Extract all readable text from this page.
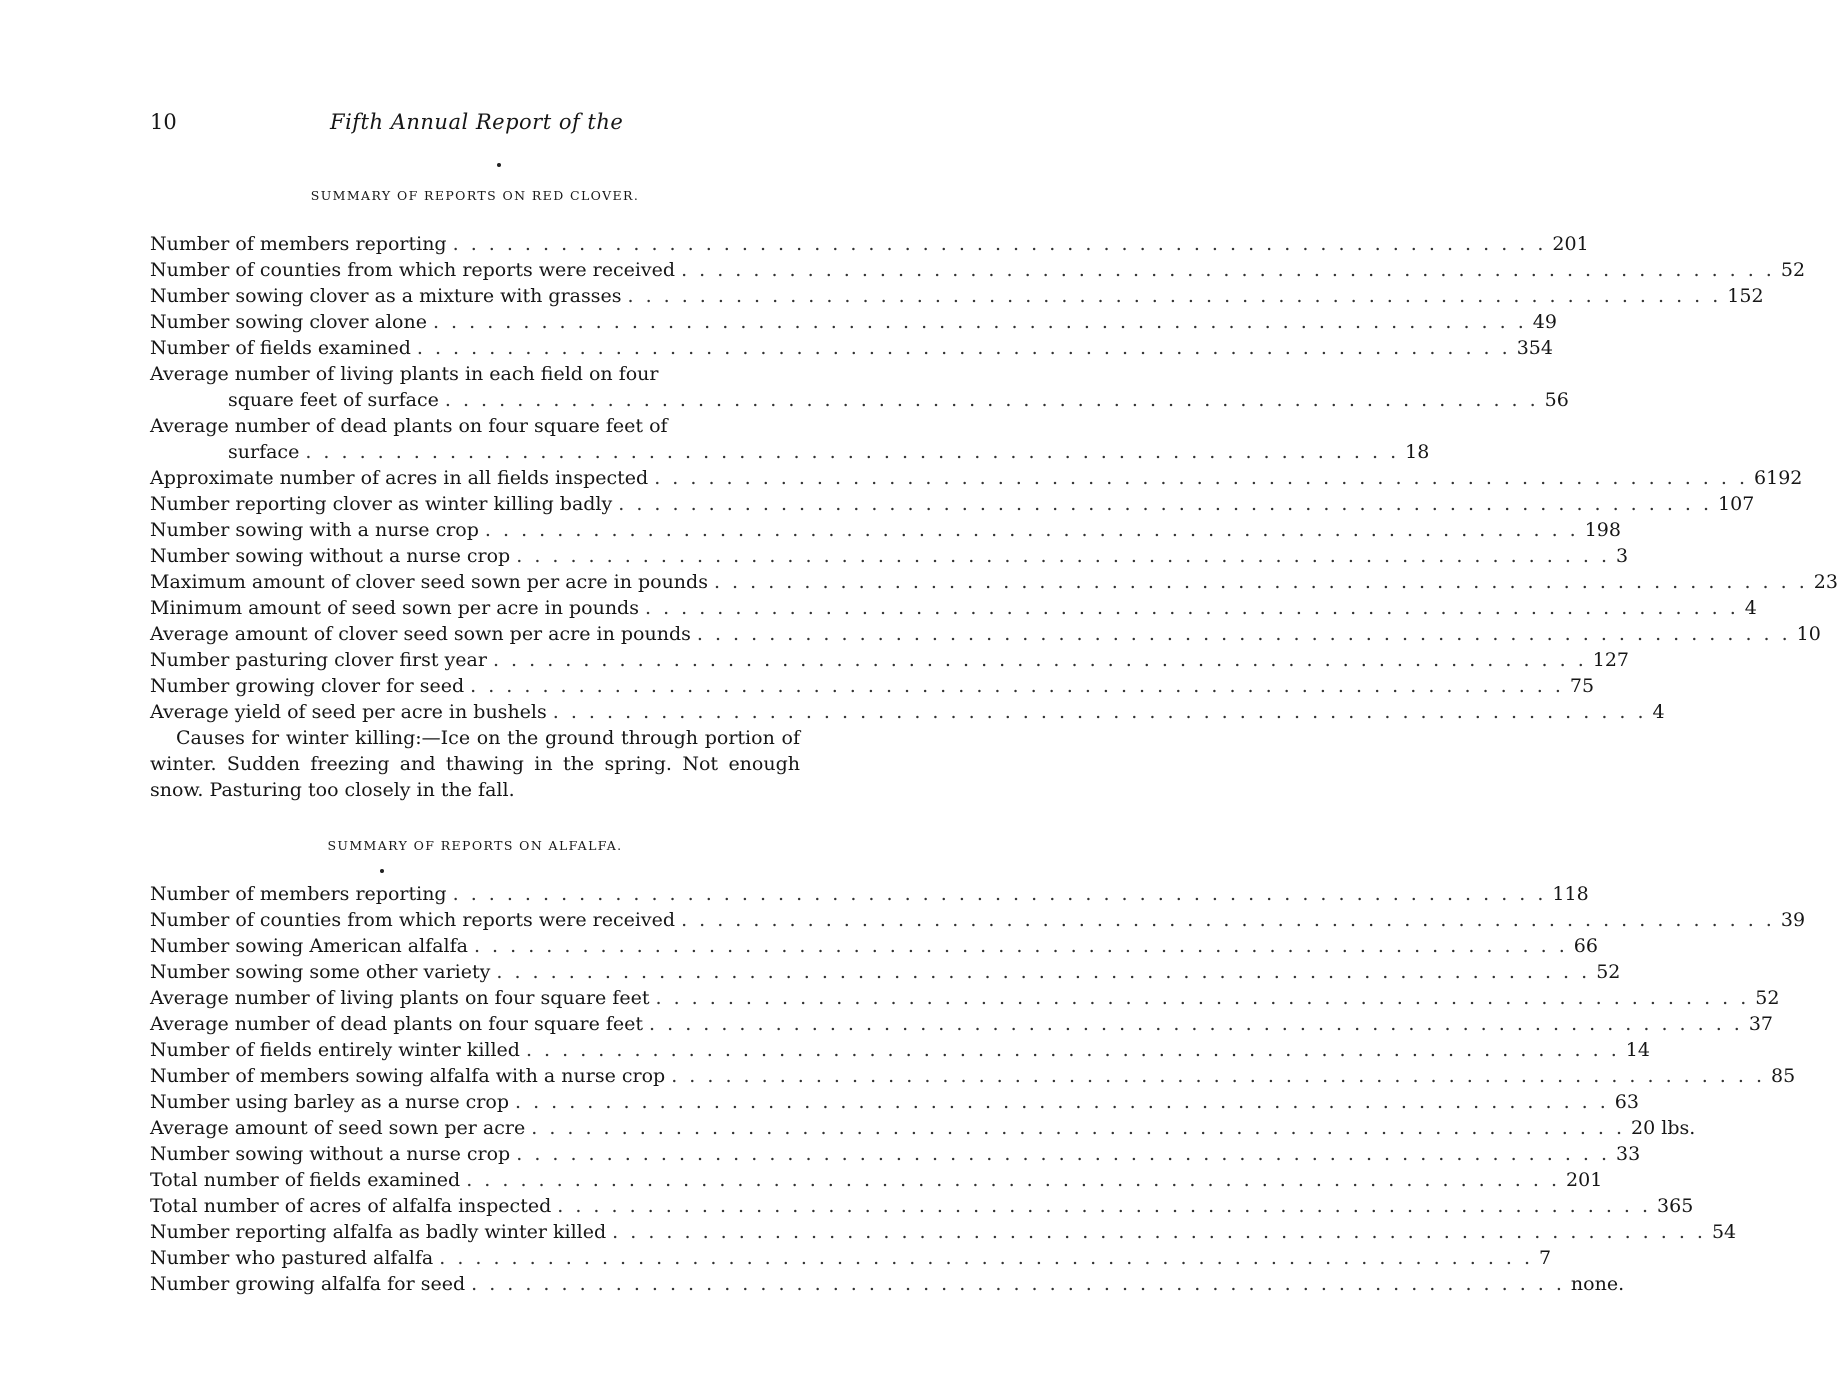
10	Fifth Annual Report of the
SUMMARY OF REPORTS ON RED CLOVER.
Number of members reporting . . .	201
Number of counties from which reports were received . . .	52
Number sowing clover as a mixture with grasses . . .	152
Number sowing clover alone . . .	49
Number of fields examined . . .	354
Average number of living plants in each field on four
square feet of surface . . .	56
Average number of dead plants on four square feet of
surface . . .	18
Approximate number of acres in all fields inspected . . .	6192
Number reporting clover as winter killing badly . . .	107
Number sowing with a nurse crop . . .	198
Number sowing without a nurse crop . . .	3
Maximum amount of clover seed sown per acre in pounds . . .	23
Minimum amount of seed sown per acre in pounds . . .	4
Average amount of clover seed sown per acre in pounds . . .	10
Number pasturing clover first year . . .	127
Number growing clover for seed . . .	75
Average yield of seed per acre in bushels . . .	4

Causes for winter killing:—Ice on the ground through portion of winter. Sudden freezing and thawing in the spring. Not enough snow. Pasturing too closely in the fall.

SUMMARY OF REPORTS ON ALFALFA.
Number of members reporting . . .	118
Number of counties from which reports were received . . .	39
Number sowing American alfalfa . . .	66
Number sowing some other variety . . .	52
Average number of living plants on four square feet . . .	52
Average number of dead plants on four square feet . . .	37
Number of fields entirely winter killed . . .	14
Number of members sowing alfalfa with a nurse crop . . .	85
Number using barley as a nurse crop . . .	63
Average amount of seed sown per acre . . .	20 lbs.
Number sowing without a nurse crop . . .	33
Total number of fields examined . . .	201
Total number of acres of alfalfa inspected . . .	365
Number reporting alfalfa as badly winter killed . . .	54
Number who pastured alfalfa . . .	7
Number growing alfalfa for seed . . .	none.
